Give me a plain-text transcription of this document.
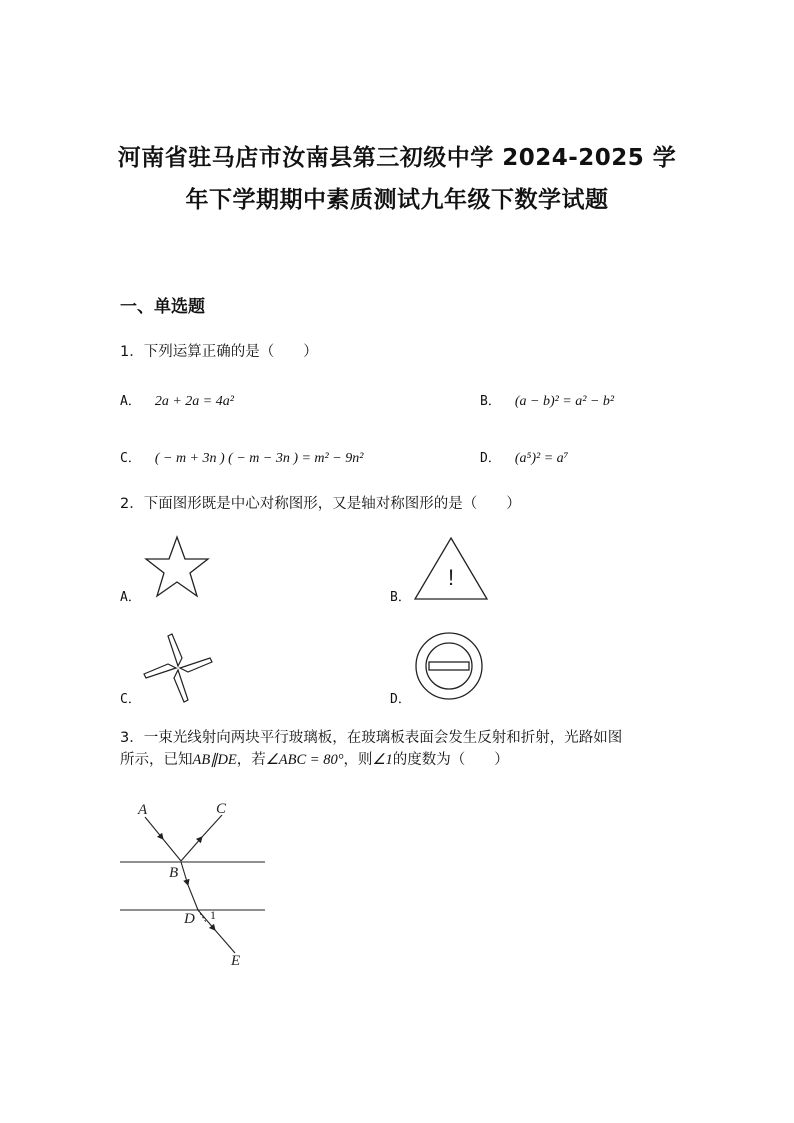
河南省驻马店市汝南县第三初级中学 2024-2025 学
年下学期期中素质测试九年级下数学试题
一、单选题
1．下列运算正确的是（　　）
A． 2a + 2a = 4a²	B． (a − b)² = a² − b²
C． ( − m + 3n ) ( − m − 3n ) = m² − 9n²	D． (a⁵)² = a⁷
2．下面图形既是中心对称图形，又是轴对称图形的是（　　）
A．	B．
!
C．	D．
3．一束光线射向两块平行玻璃板，在玻璃板表面会发生反射和折射，光路如图
所示，已知AB∥DE，若∠ABC = 80°，则∠1的度数为（　　）
A	C
B
D
E
1
